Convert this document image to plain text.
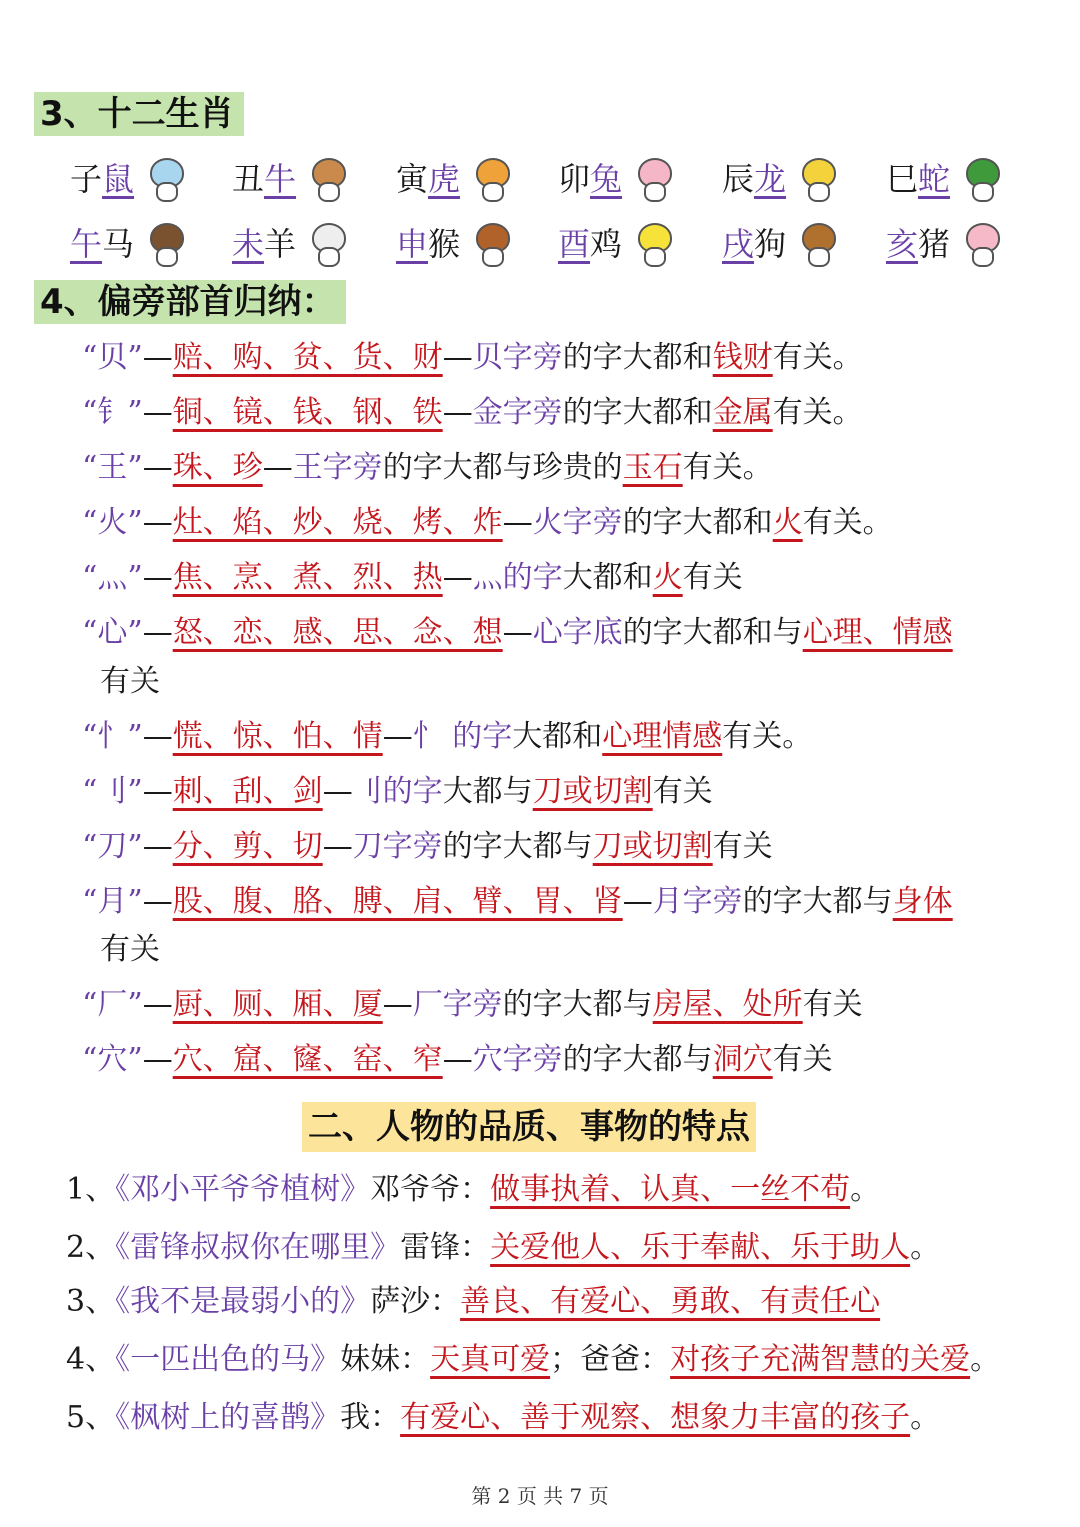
3、十二生肖
子 鼠	丑 牛	寅 虎	卯 兔	辰 龙	巳 蛇
午 马	未 羊	申 猴	酉 鸡	戌 狗	亥 猪
4、偏旁部首归纳：
“贝”—赔、购、贫、货、财—贝字旁的字大都和钱财有关。
“钅”—铜、镜、钱、钢、铁—金字旁的字大都和金属有关。
“王”—珠、珍—王字旁的字大都与珍贵的玉石有关。
“火”—灶、焰、炒、烧、烤、炸—火字旁的字大都和火有关。
“灬”—焦、烹、煮、烈、热—灬的字大都和火有关
“心”—怒、恋、感、思、念、想—心字底的字大都和与心理、情感
“忄”—慌、惊、怕、情—忄 的字大都和心理情感有关。
“刂”—刺、刮、剑—刂的字大都与刀或切割有关
“刀”—分、剪、切—刀字旁的字大都与刀或切割有关
“月”—股、腹、胳、膊、肩、臂、胃、肾—月字旁的字大都与身体
“厂”—厨、厕、厢、厦—厂字旁的字大都与房屋、处所有关
“穴”—穴、窟、窿、窑、窄—穴字旁的字大都与洞穴有关
有关
有关
二、人物的品质、事物的特点
1、《邓小平爷爷植树》邓爷爷：做事执着、认真、一丝不苟。
2、《雷锋叔叔你在哪里》雷锋：关爱他人、乐于奉献、乐于助人。
3、《我不是最弱小的》萨沙：善良、有爱心、勇敢、有责任心
4、《一匹出色的马》妹妹：天真可爱；爸爸：对孩子充满智慧的关爱。
5、《枫树上的喜鹊》我：有爱心、善于观察、想象力丰富的孩子。
第 2 页 共 7 页
